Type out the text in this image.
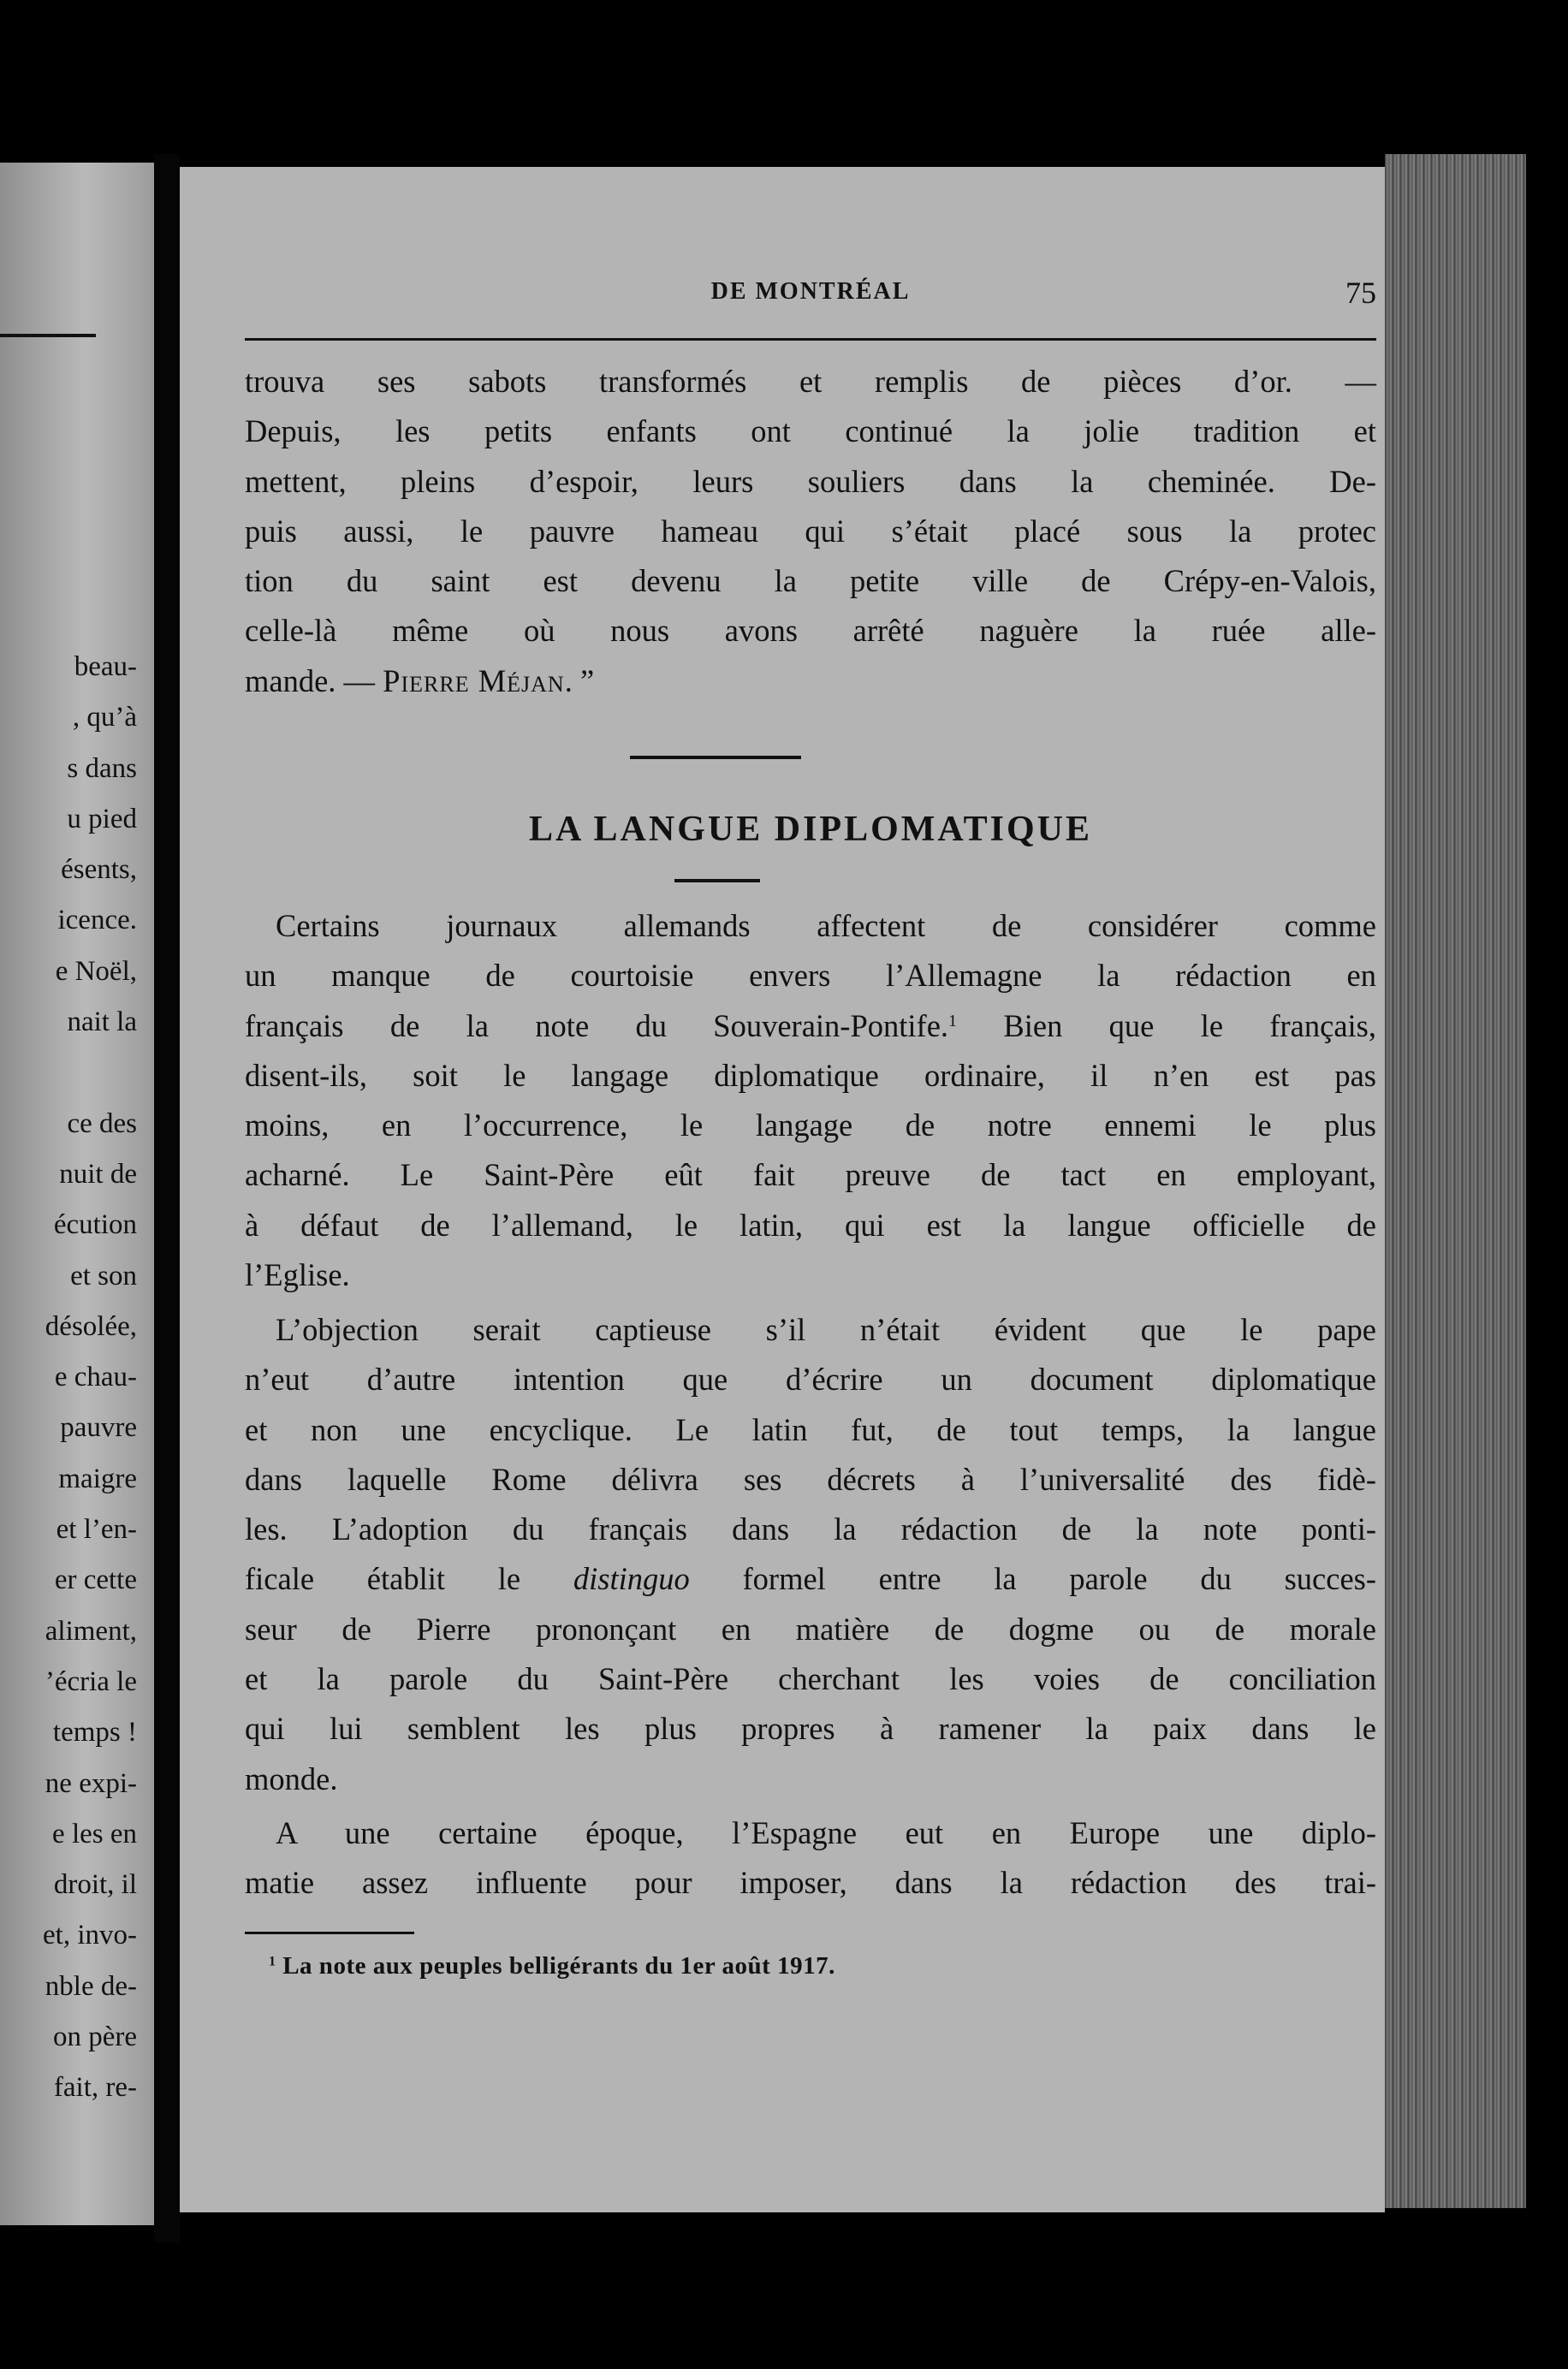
beau-
, qu’à
s dans
u pied
ésents,
icence.
e Noël,
nait la
ce des
nuit de
écution
et son
désolée,
e chau-
pauvre
maigre
et l’en-
er cette
aliment,
’écria le
temps !
ne expi-
e les en
droit, il
et, invo-
nble de-
on père
fait, re-
DE MONTRÉAL	75
trouva ses sabots transformés et remplis de pièces d’or. —
Depuis, les petits enfants ont continué la jolie tradition et
mettent, pleins d’espoir, leurs souliers dans la cheminée. De-
puis aussi, le pauvre hameau qui s’était placé sous la protec
tion du saint est devenu la petite ville de Crépy-en-Valois,
celle-là même où nous avons arrêté naguère la ruée alle-
mande. — Pierre Méjan. ”
LA LANGUE DIPLOMATIQUE
Certains journaux allemands affectent de considérer comme
un manque de courtoisie envers l’Allemagne la rédaction en
français de la note du Souverain-Pontife.$^1$ Bien que le français,
disent-ils, soit le langage diplomatique ordinaire, il n’en est pas
moins, en l’occurrence, le langage de notre ennemi le plus
acharné. Le Saint-Père eût fait preuve de tact en employant,
à défaut de l’allemand, le latin, qui est la langue officielle de
l’Eglise.
L’objection serait captieuse s’il n’était évident que le pape
n’eut d’autre intention que d’écrire un document diplomatique
et non une encyclique. Le latin fut, de tout temps, la langue
dans laquelle Rome délivra ses décrets à l’universalité des fidè-
les. L’adoption du français dans la rédaction de la note ponti-
ficale établit le distinguo formel entre la parole du succes-
seur de Pierre prononçant en matière de dogme ou de morale
et la parole du Saint-Père cherchant les voies de conciliation
qui lui semblent les plus propres à ramener la paix dans le
monde.
A une certaine époque, l’Espagne eut en Europe une diplo-
matie assez influente pour imposer, dans la rédaction des trai-
$^1$ La note aux peuples belligérants du 1er août 1917.
